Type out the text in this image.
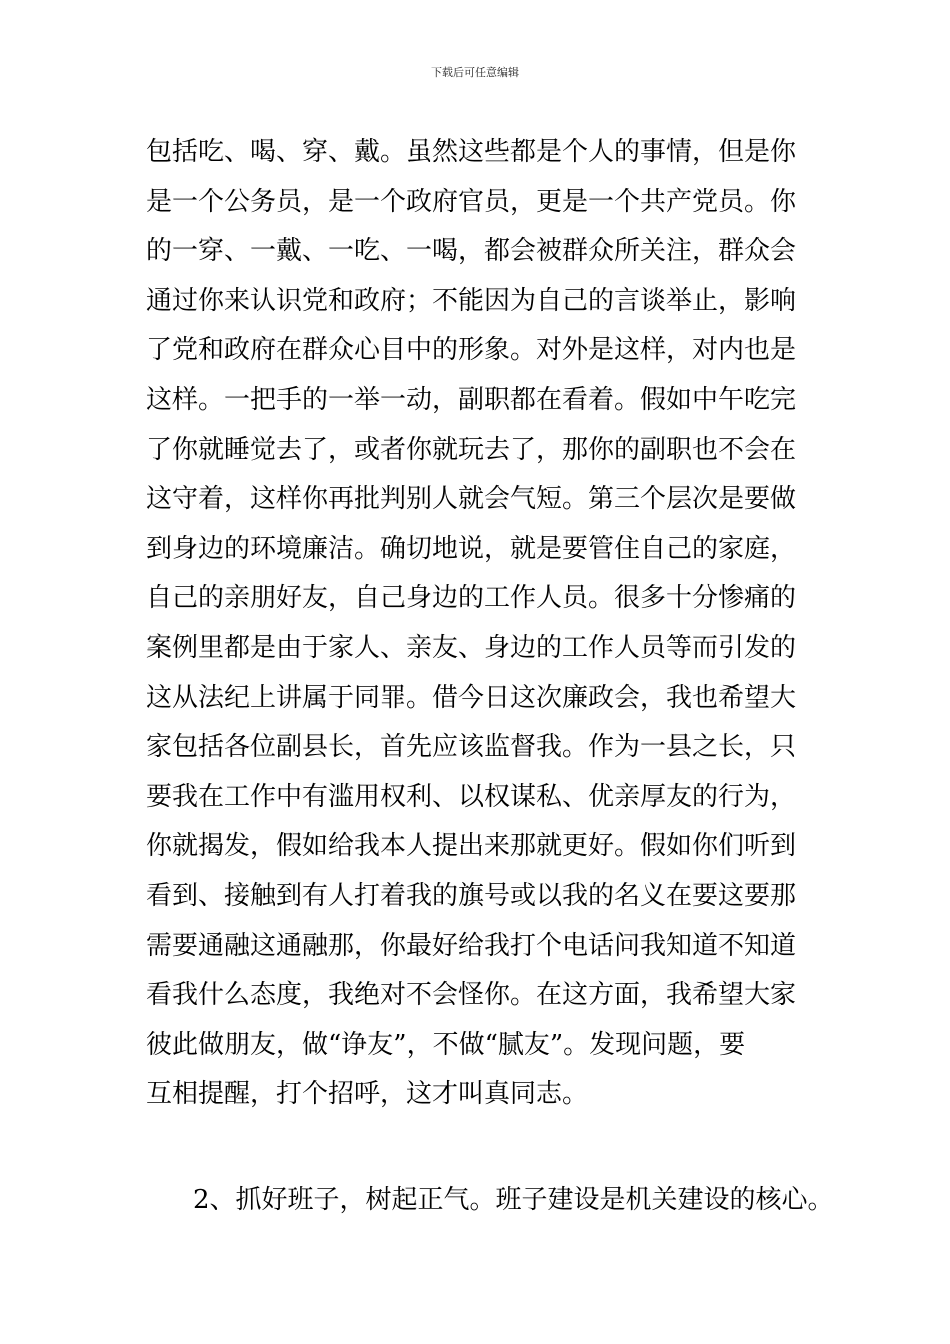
下载后可任意编辑
包括吃、喝、穿、戴。虽然这些都是个人的事情，但是你
是一个公务员，是一个政府官员，更是一个共产党员。你
的一穿、一戴、一吃、一喝，都会被群众所关注，群众会
通过你来认识党和政府；不能因为自己的言谈举止，影响
了党和政府在群众心目中的形象。对外是这样，对内也是
这样。一把手的一举一动，副职都在看着。假如中午吃完
了你就睡觉去了，或者你就玩去了，那你的副职也不会在
这守着，这样你再批判别人就会气短。第三个层次是要做
到身边的环境廉洁。确切地说，就是要管住自己的家庭，
自己的亲朋好友，自己身边的工作人员。很多十分惨痛的
案例里都是由于家人、亲友、身边的工作人员等而引发的
这从法纪上讲属于同罪。借今日这次廉政会，我也希望大
家包括各位副县长，首先应该监督我。作为一县之长，只
要我在工作中有滥用权利、以权谋私、优亲厚友的行为，
你就揭发，假如给我本人提出来那就更好。假如你们听到
看到、接触到有人打着我的旗号或以我的名义在要这要那
需要通融这通融那，你最好给我打个电话问我知道不知道
看我什么态度，我绝对不会怪你。在这方面，我希望大家
彼此做朋友，做“诤友”，不做“腻友”。发现问题，要
互相提醒，打个招呼，这才叫真同志。
2、抓好班子，树起正气。班子建设是机关建设的核心。
